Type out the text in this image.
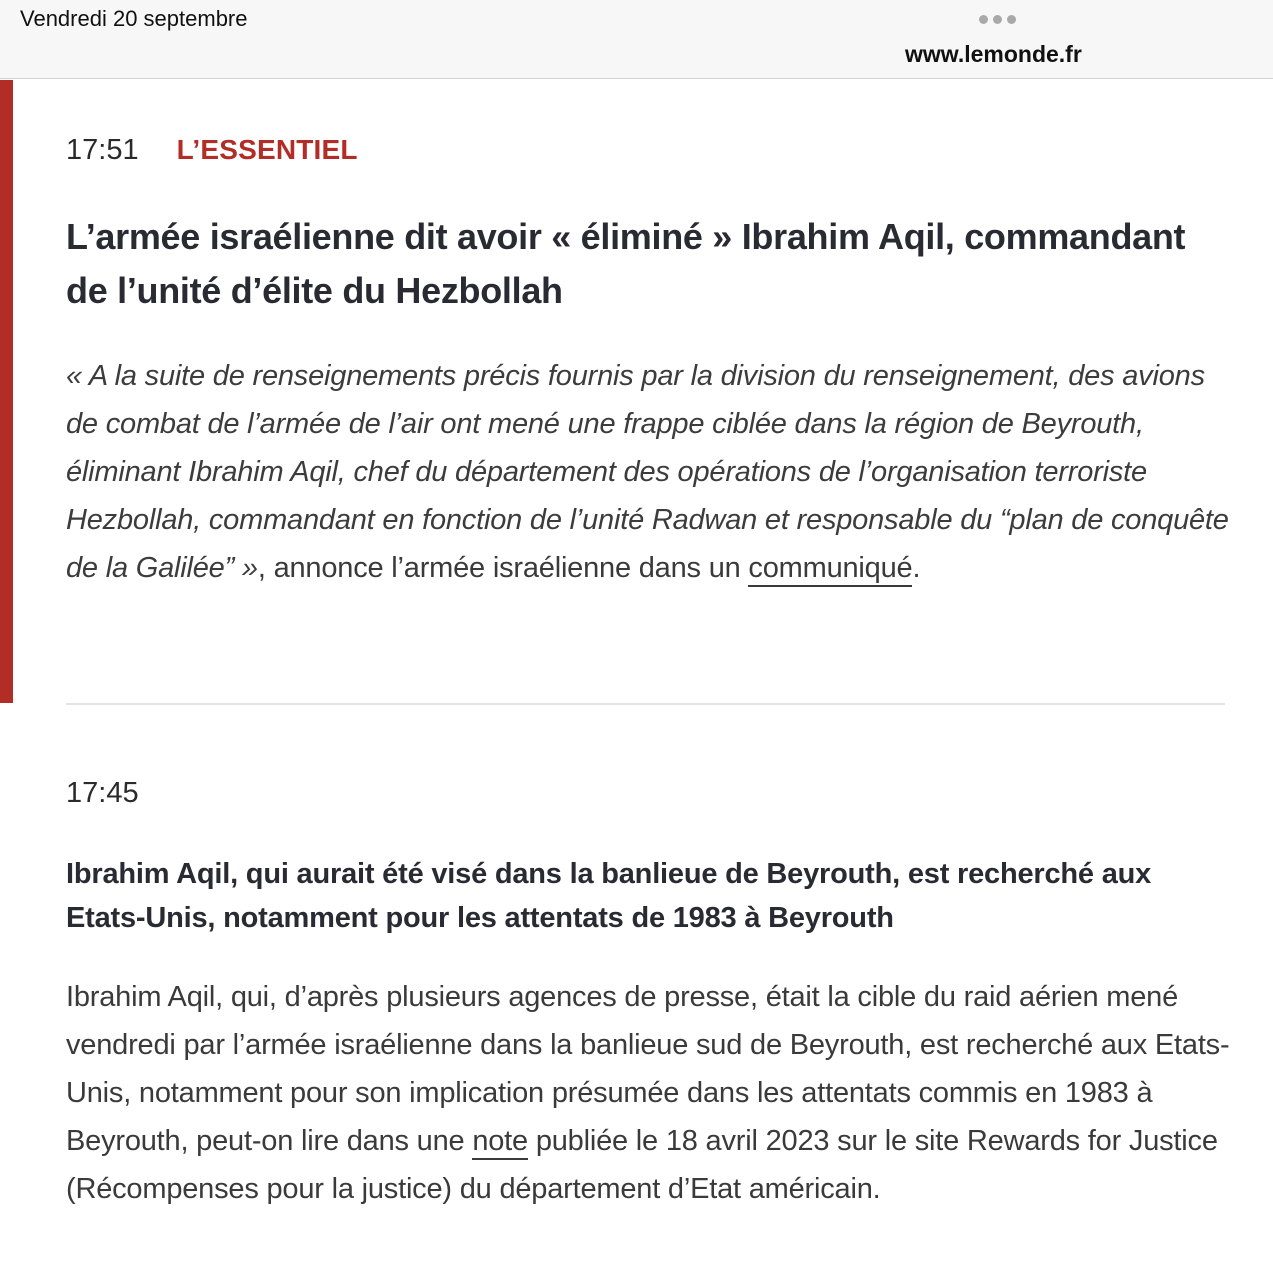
Vendredi 20 septembre
www.lemonde.fr
17:51 L’ESSENTIEL
L’armée israélienne dit avoir « éliminé » Ibrahim Aqil, commandant de l’unité d’élite du Hezbollah

« A la suite de renseignements précis fournis par la division du renseignement, des avions de combat de l’armée de l’air ont mené une frappe ciblée dans la région de Beyrouth, éliminant Ibrahim Aqil, chef du département des opérations de l’organisation terroriste Hezbollah, commandant en fonction de l’unité Radwan et responsable du “plan de conquête de la Galilée” », annonce l’armée israélienne dans un communiqué.

17:45
Ibrahim Aqil, qui aurait été visé dans la banlieue de Beyrouth, est recherché aux Etats-Unis, notamment pour les attentats de 1983 à Beyrouth

Ibrahim Aqil, qui, d’après plusieurs agences de presse, était la cible du raid aérien mené vendredi par l’armée israélienne dans la banlieue sud de Beyrouth, est recherché aux Etats-Unis, notamment pour son implication présumée dans les attentats commis en 1983 à Beyrouth, peut-on lire dans une note publiée le 18 avril 2023 sur le site Rewards for Justice (Récompenses pour la justice) du département d’Etat américain.
